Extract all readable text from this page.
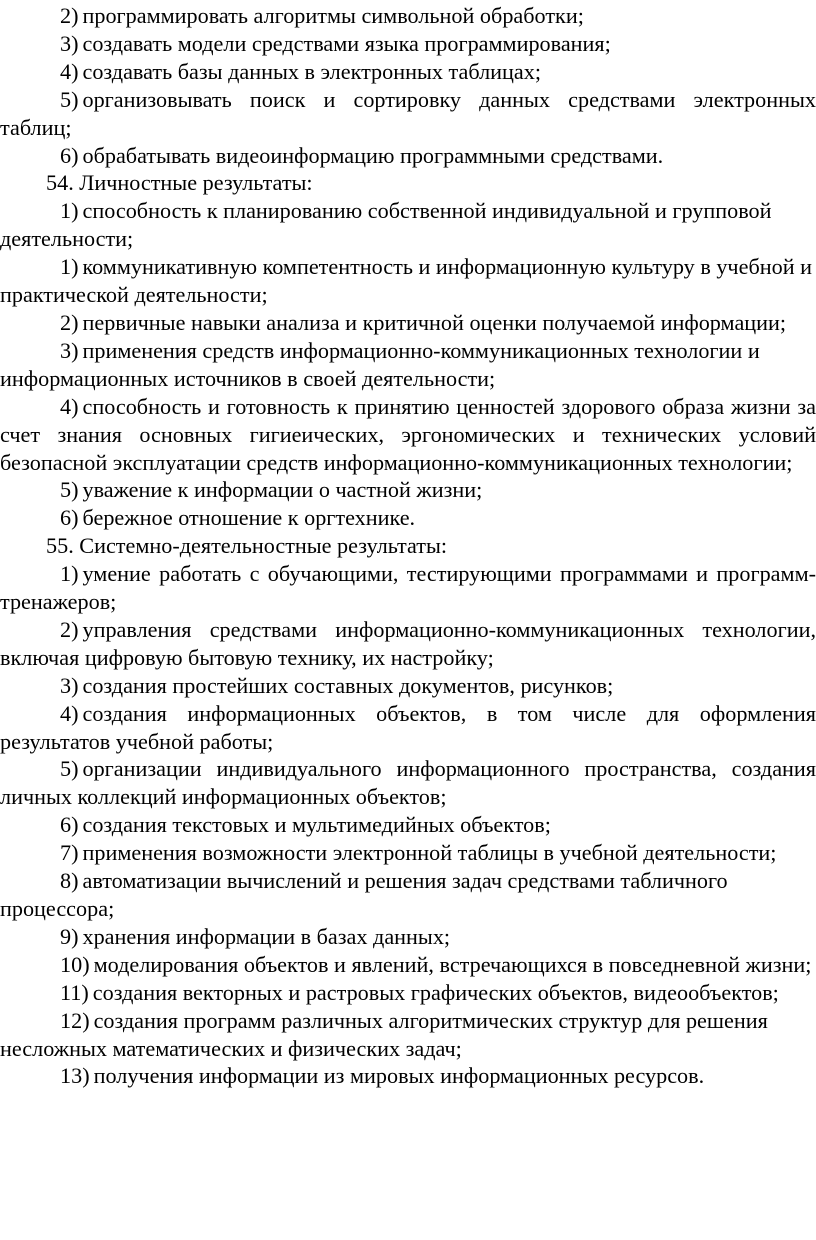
2) программировать алгоритмы символьной обработки;

3) создавать модели средствами языка программирования;

4) создавать базы данных в электронных таблицах;

5) организовывать поиск и сортировку данных средствами электронных таблиц;

6) обрабатывать видеоинформацию программными средствами.

54. Личностные результаты:

1) способность к планированию собственной индивидуальной и групповой деятельности;

1) коммуникативную компетентность и информационную культуру в учебной и практической деятельности;

2) первичные навыки анализа и критичной оценки получаемой информации;

3) применения средств информационно-коммуникационных технологии и информационных источников в своей деятельности;

4) способность и готовность к принятию ценностей здорового образа жизни за счет знания основных гигиеических, эргономических и технических условий безопасной эксплуатации средств информационно-коммуникационных технологии;

5) уважение к информации о частной жизни;

6) бережное отношение к оргтехнике.

55. Системно-деятельностные результаты:

1) умение работать с обучающими, тестирующими программами и программ-тренажеров;

2) управления средствами информационно-коммуникационных технологии, включая цифровую бытовую технику, их настройку;

3) создания простейших составных документов, рисунков;

4) создания информационных объектов, в том числе для оформления результатов учебной работы;

5) организации индивидуального информационного пространства, создания личных коллекций информационных объектов;

6) создания текстовых и мультимедийных объектов;

7) применения возможности электронной таблицы в учебной деятельности;

8) автоматизации вычислений и решения задач средствами табличного процессора;

9) хранения информации в базах данных;

10) моделирования объектов и явлений, встречающихся в повседневной жизни;

11) создания векторных и растровых графических объектов, видеообъектов;

12) создания программ различных алгоритмических структур для решения несложных математических и физических задач;

13) получения информации из мировых информационных ресурсов.
